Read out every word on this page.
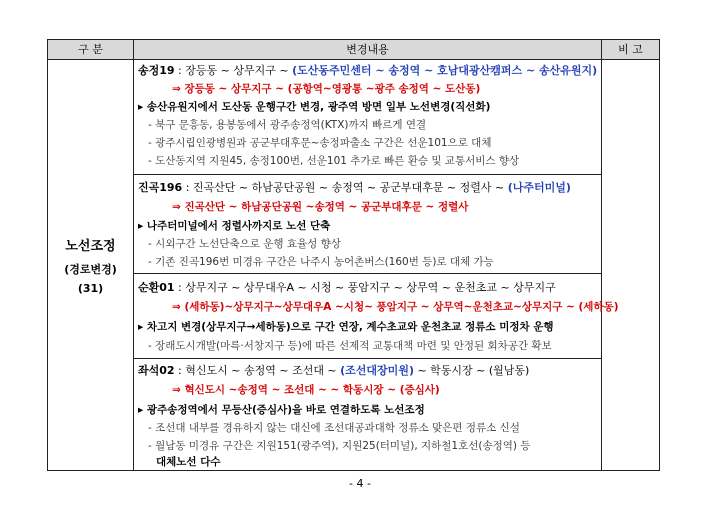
구 분	변경내용	비 고
노선조정
(경로변경)
(31)
송정19 : 장등동 ~ 상무지구 ~ (도산동주민센터 ~ 송정역 ~ 호남대광산캠퍼스 ~ 송산유원지)
⇒ 장등동 ~ 상무지구 ~ (공항역~영광통 ~광주 송정역 ~ 도산동)
▸ 송산유원지에서 도산동 운행구간 변경, 광주역 방면 일부 노선변경(직선화)
- 북구 문흥동, 용봉동에서 광주송정역(KTX)까지 빠르게 연결
- 광주시립인광병원과 공군부대후문~송정파출소 구간은 선운101으로 대체
- 도산동지역 지원45, 송정100번, 선운101 추가로 빠른 환승 및 교통서비스 향상
진곡196 : 진곡산단 ~ 하남공단공원 ~ 송정역 ~ 공군부대후문 ~ 정렬사 ~ (나주터미널)
⇒ 진곡산단 ~ 하남공단공원 ~송정역 ~ 공군부대후문 ~ 정렬사
▸ 나주터미널에서 정렬사까지로 노선 단축
- 시외구간 노선단축으로 운행 효율성 향상
- 기존 진곡196번 미경유 구간은 나주시 농어촌버스(160번 등)로 대체 가능
순환01 : 상무지구 ~ 상무대우A ~ 시청 ~ 풍암지구 ~ 상무역 ~ 운천초교 ~ 상무지구
⇒ (세하동)~상무지구~상무대우A ~시청~ 풍암지구 ~ 상무역~운천초교~상무지구 ~ (세하동)
▸ 차고지 변경(상무지구→세하동)으로 구간 연장, 계수초교와 운천초교 정류소 미정차 운행
- 장래도시개발(마륵·서창지구 등)에 따른 선제적 교통대책 마련 및 안정된 회차공간 확보
좌석02 : 혁신도시 ~ 송정역 ~ 조선대 ~ (조선대장미원) ~ 학동시장 ~ (월남동)
⇒ 혁신도시 ~송정역 ~ 조선대 ~ ~ 학동시장 ~ (증심사)
▸ 광주송정역에서 무등산(증심사)을 바로 연결하도록 노선조정
- 조선대 내부를 경유하지 않는 대신에 조선대공과대학 정류소 맞은편 정류소 신설
- 월남동 미경유 구간은 지원151(광주역), 지원25(터미널), 지하철1호선(송정역) 등
대체노선 다수
- 4 -
